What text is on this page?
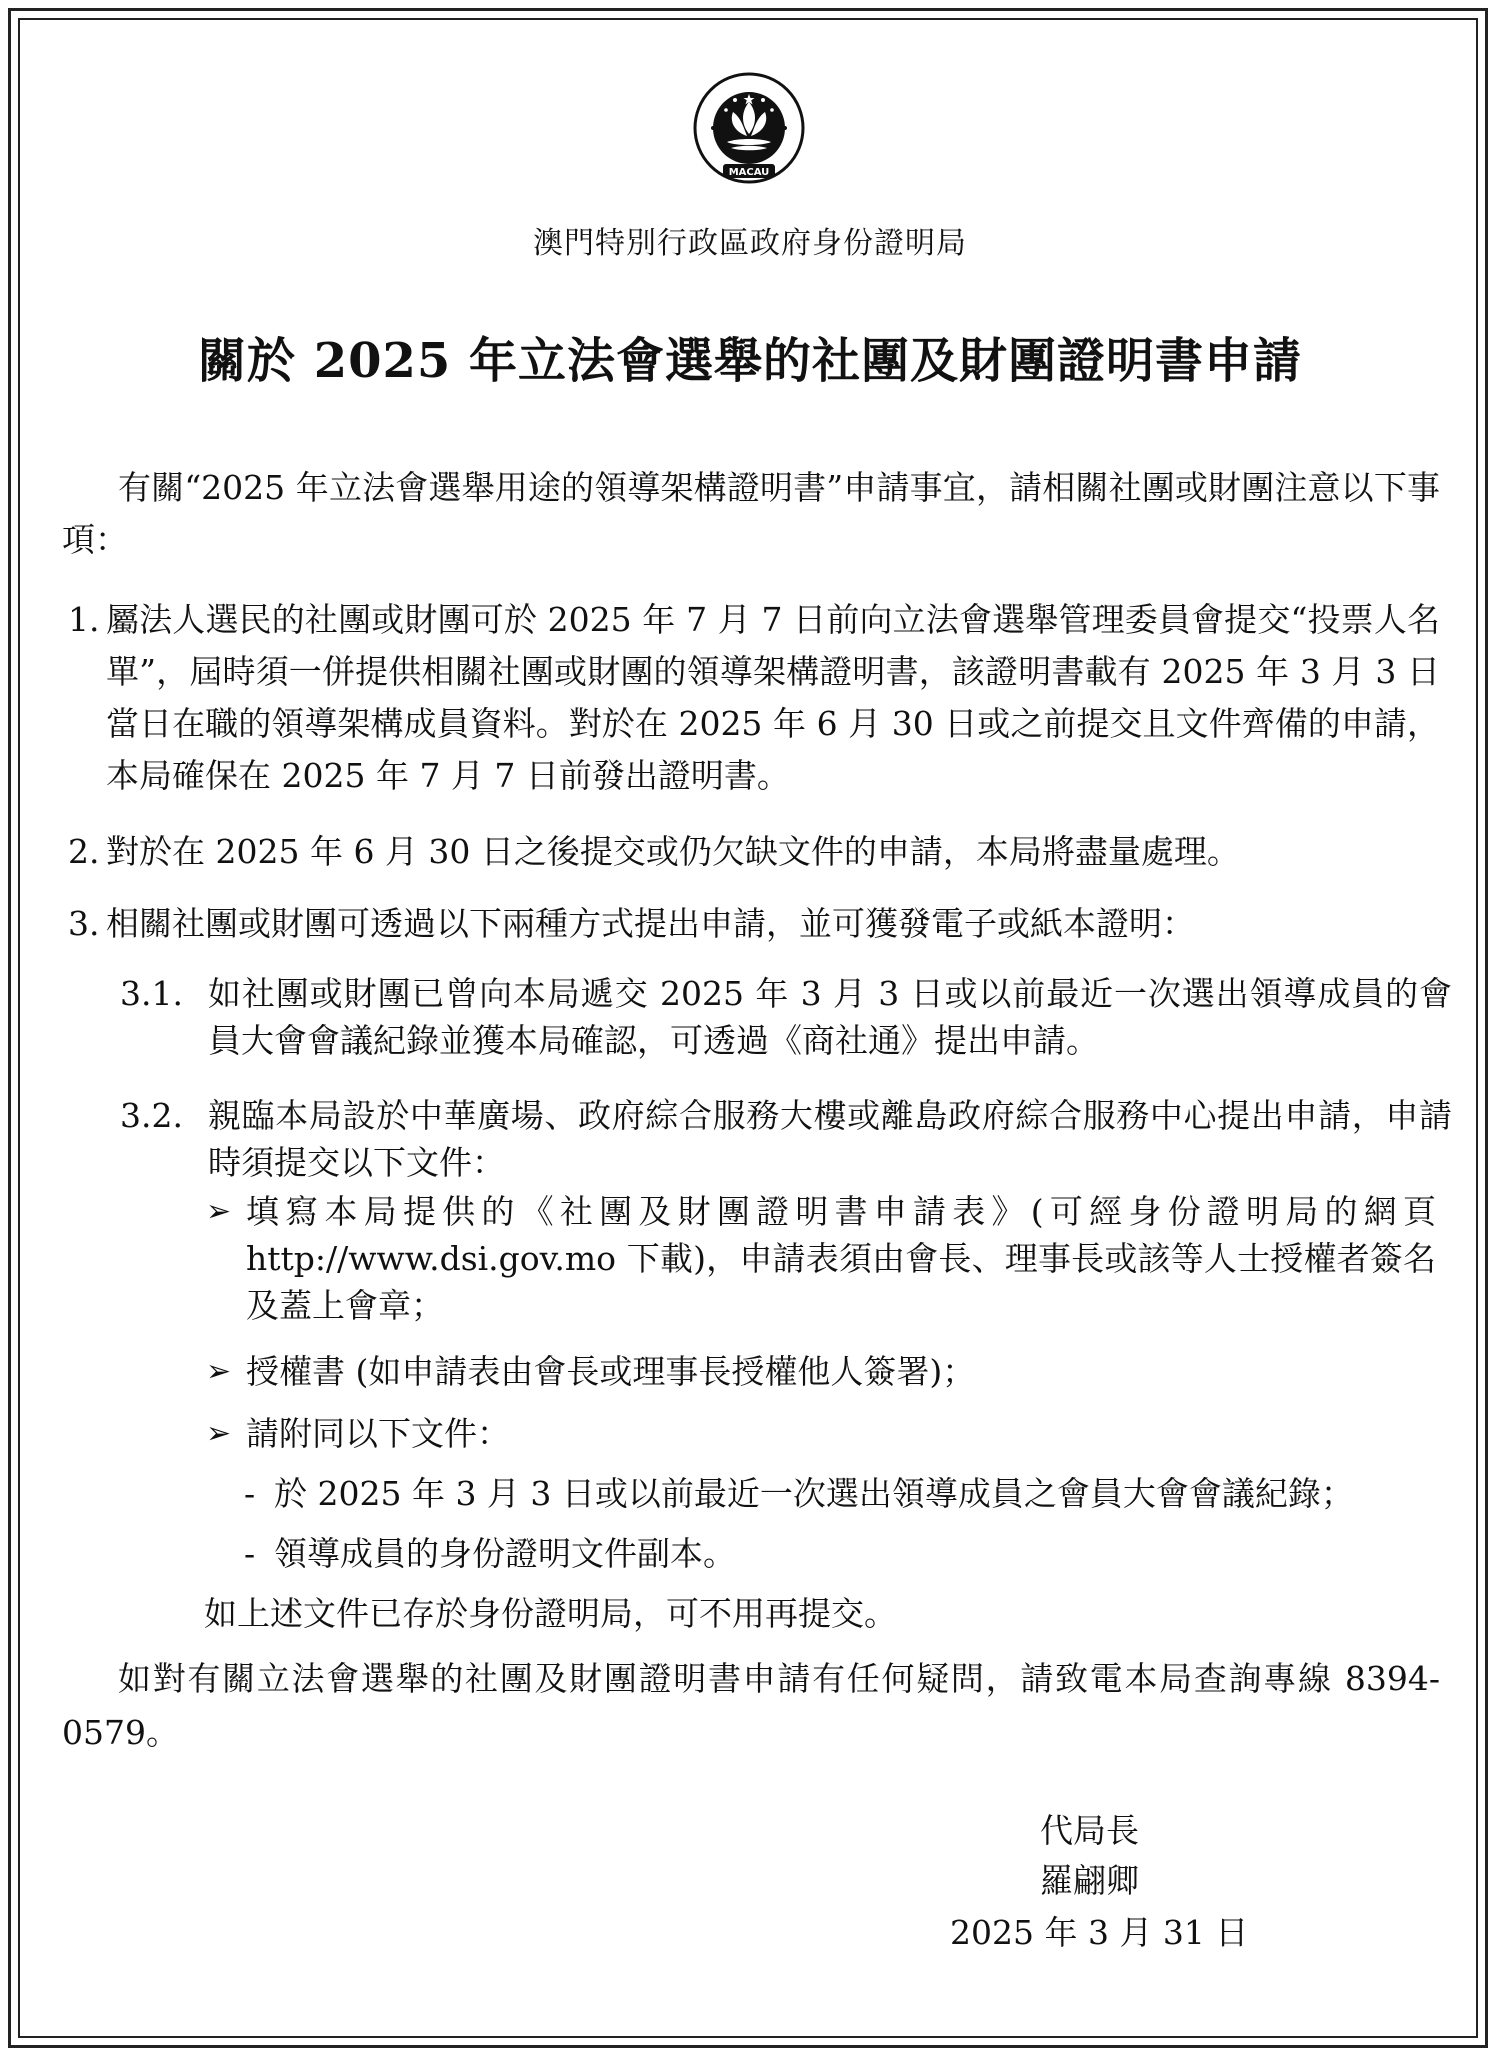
MACAU
澳門特別行政區政府身份證明局
關於 2025 年立法會選舉的社團及財團證明書申請
有關“2025 年立法會選舉用途的領導架構證明書”申請事宜，請相關社團或財團注意以下事項：
1. 屬法人選民的社團或財團可於 2025 年 7 月 7 日前向立法會選舉管理委員會提交“投票人名單”，屆時須一併提供相關社團或財團的領導架構證明書，該證明書載有 2025 年 3 月 3 日當日在職的領導架構成員資料。對於在 2025 年 6 月 30 日或之前提交且文件齊備的申請，本局確保在 2025 年 7 月 7 日前發出證明書。
2. 對於在 2025 年 6 月 30 日之後提交或仍欠缺文件的申請，本局將盡量處理。
3. 相關社團或財團可透過以下兩種方式提出申請，並可獲發電子或紙本證明：
3.1. 如社團或財團已曾向本局遞交 2025 年 3 月 3 日或以前最近一次選出領導成員的會員大會會議紀錄並獲本局確認，可透過《商社通》提出申請。
3.2. 親臨本局設於中華廣場、政府綜合服務大樓或離島政府綜合服務中心提出申請，申請時須提交以下文件：
➢ 填寫本局提供的《社團及財團證明書申請表》(可經身份證明局的網頁 http://www.dsi.gov.mo 下載)，申請表須由會長、理事長或該等人士授權者簽名及蓋上會章；
➢ 授權書 (如申請表由會長或理事長授權他人簽署)；
➢ 請附同以下文件：
- 於 2025 年 3 月 3 日或以前最近一次選出領導成員之會員大會會議紀錄；
- 領導成員的身份證明文件副本。
如上述文件已存於身份證明局，可不用再提交。
如對有關立法會選舉的社團及財團證明書申請有任何疑問，請致電本局查詢專線 8394-0579。
代局長
羅翩卿
2025 年 3 月 31 日
